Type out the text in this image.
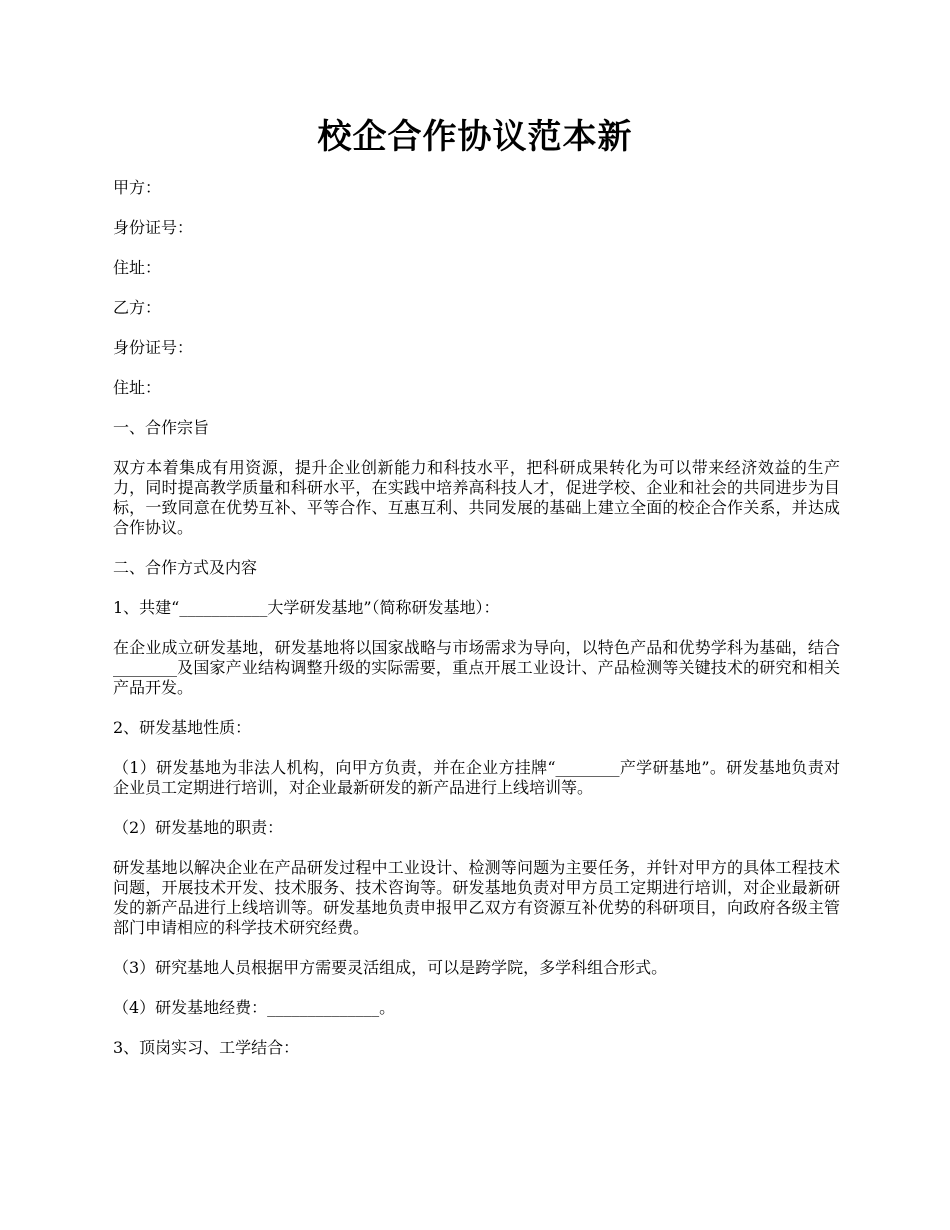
校企合作协议范本新

甲方：

身份证号：

住址：

乙方：

身份证号：

住址：

一、合作宗旨

双方本着集成有用资源，提升企业创新能力和科技水平，把科研成果转化为可以带来经济效益的生产力，同时提高教学质量和科研水平，在实践中培养高科技人才，促进学校、企业和社会的共同进步为目标，一致同意在优势互补、平等合作、互惠互利、共同发展的基础上建立全面的校企合作关系，并达成合作协议。

二、合作方式及内容

1、共建“___________大学研发基地”（简称研发基地）：

在企业成立研发基地，研发基地将以国家战略与市场需求为导向，以特色产品和优势学科为基础，结合________及国家产业结构调整升级的实际需要，重点开展工业设计、产品检测等关键技术的研究和相关产品开发。

2、研发基地性质：

（1）研发基地为非法人机构，向甲方负责，并在企业方挂牌“________产学研基地”。研发基地负责对企业员工定期进行培训，对企业最新研发的新产品进行上线培训等。

（2）研发基地的职责：

研发基地以解决企业在产品研发过程中工业设计、检测等问题为主要任务，并针对甲方的具体工程技术问题，开展技术开发、技术服务、技术咨询等。研发基地负责对甲方员工定期进行培训，对企业最新研发的新产品进行上线培训等。研发基地负责申报甲乙双方有资源互补优势的科研项目，向政府各级主管部门申请相应的科学技术研究经费。

（3）研究基地人员根据甲方需要灵活组成，可以是跨学院，多学科组合形式。

（4）研发基地经费：______________。

3、顶岗实习、工学结合：
